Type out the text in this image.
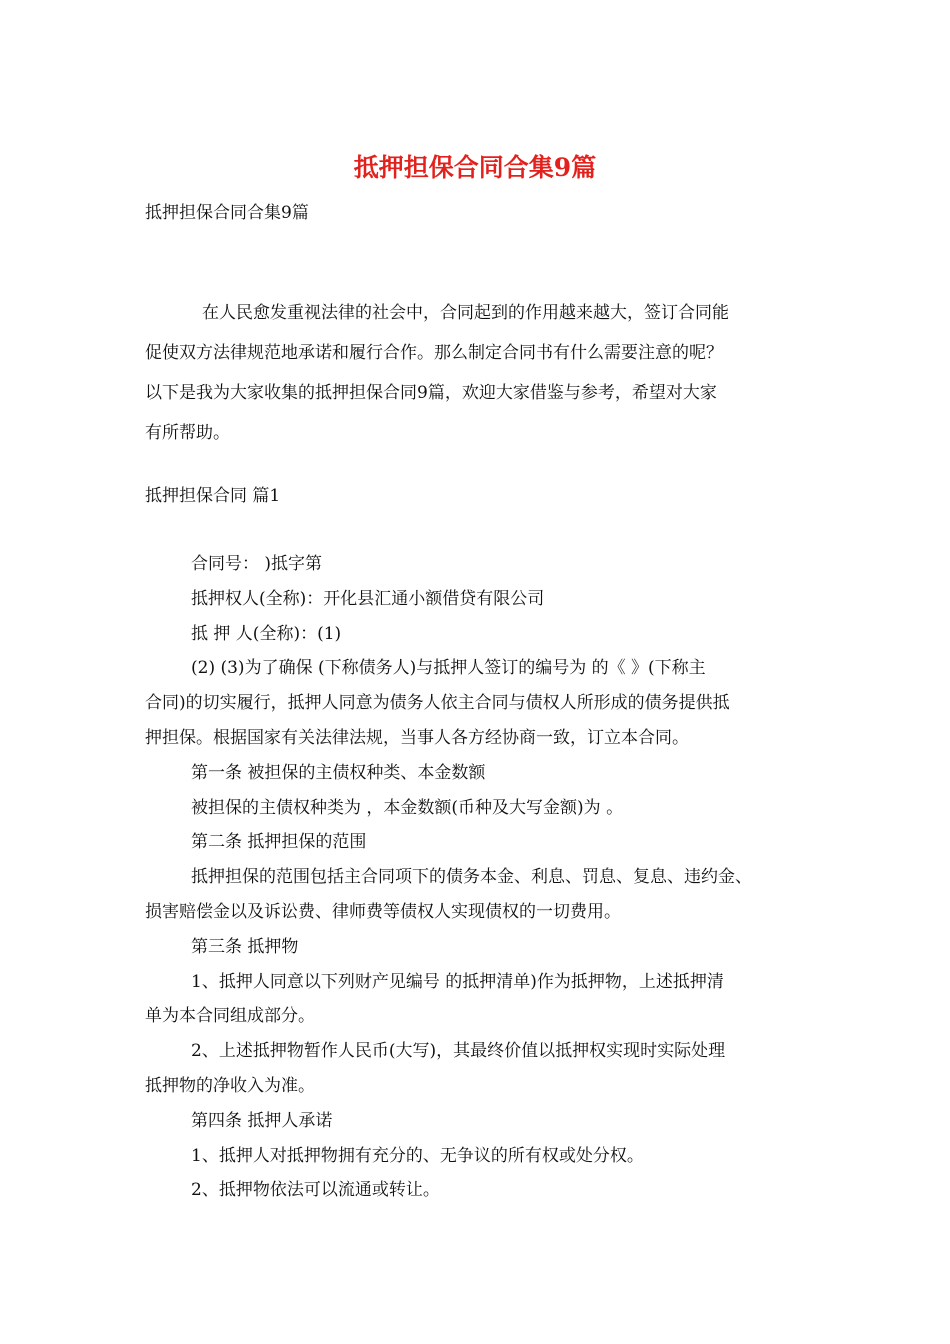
抵押担保合同合集9篇
抵押担保合同合集9篇
在人民愈发重视法律的社会中，合同起到的作用越来越大，签订合同能
促使双方法律规范地承诺和履行合作。那么制定合同书有什么需要注意的呢？
以下是我为大家收集的抵押担保合同9篇，欢迎大家借鉴与参考，希望对大家
有所帮助。
抵押担保合同 篇1
合同号： )抵字第
抵押权人(全称)：开化县汇通小额借贷有限公司
抵 押 人(全称)：(1)
(2) (3)为了确保 (下称债务人)与抵押人签订的编号为 的《 》(下称主
合同)的切实履行，抵押人同意为债务人依主合同与债权人所形成的债务提供抵
押担保。根据国家有关法律法规，当事人各方经协商一致，订立本合同。
第一条 被担保的主债权种类、本金数额
被担保的主债权种类为 ，本金数额(币种及大写金额)为 。
第二条 抵押担保的范围
抵押担保的范围包括主合同项下的债务本金、利息、罚息、复息、违约金、
损害赔偿金以及诉讼费、律师费等债权人实现债权的一切费用。
第三条 抵押物
1、抵押人同意以下列财产见编号 的抵押清单)作为抵押物，上述抵押清
单为本合同组成部分。
2、上述抵押物暂作人民币(大写)，其最终价值以抵押权实现时实际处理
抵押物的净收入为准。
第四条 抵押人承诺
1、抵押人对抵押物拥有充分的、无争议的所有权或处分权。
2、抵押物依法可以流通或转让。
